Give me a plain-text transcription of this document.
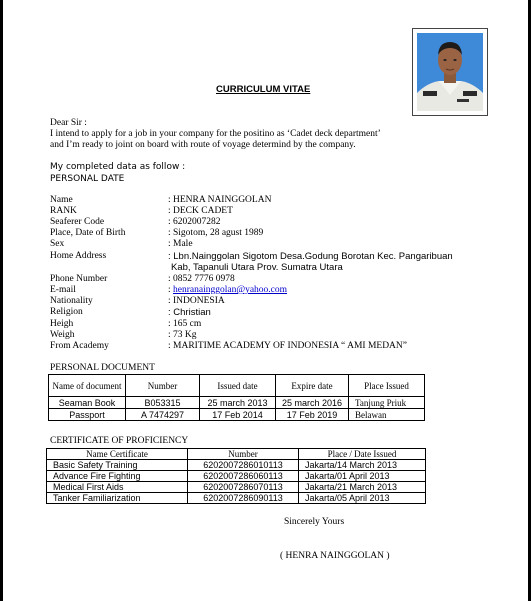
CURRICULUM VITAE
Dear Sir :
I intend to apply for a job in your company for the positino as ‘Cadet deck department’
and I’m ready to joint on board with route of voyage determind by the company.
My completed data as follow :
PERSONAL DATE
Name	: HENRA NAINGGOLAN
RANK	: DECK CADET
Seaferer Code	: 6202007282
Place, Date of Birth	: Sigotom, 28 agust 1989
Sex	: Male
Home Address	: Lbn.Nainggolan Sigotom Desa.Godung Borotan Kec. Pangaribuan
Kab, Tapanuli Utara Prov. Sumatra Utara
Phone Number	: 0852 7776 0978
E-mail	: henranainggolan@yahoo.com
Nationality	: INDONESIA
Religion	: Christian
Heigh	: 165 cm
Weigh	: 73 Kg
From Academy	: MARITIME ACADEMY OF INDONESIA “ AMI MEDAN”
PERSONAL DOCUMENT
Name of document	Number	Issued date	Expire date	Place Issued
Seaman Book	B053315	25 march 2013	25 march 2016	Tanjung Priuk
Passport	A 7474297	17 Feb 2014	17 Feb 2019	Belawan
CERTIFICATE OF PROFICIENCY
Name Certificate	Number	Place / Date Issued
Basic Safety Training	6202007286010113	Jakarta/14 March 2013
Advance Fire Fighting	6202007286060113	Jakarta/01 April 2013
Medical First Aids	6202007286070113	Jakarta/21 March 2013
Tanker Familiarization	6202007286090113	Jakarta/05 April 2013
Sincerely Yours
( HENRA NAINGGOLAN )
